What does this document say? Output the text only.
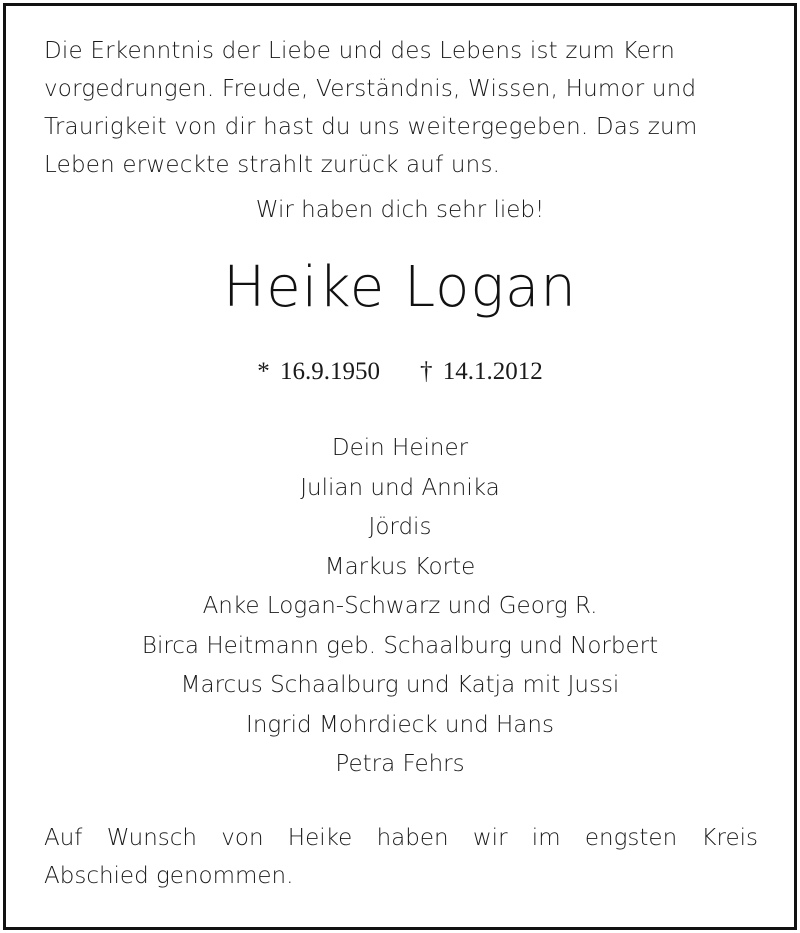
Die Erkenntnis der Liebe und des Lebens ist zum Kern
vorgedrungen. Freude, Verständnis, Wissen, Humor und
Traurigkeit von dir hast du uns weitergegeben. Das zum
Leben erweckte strahlt zurück auf uns.
Wir haben dich sehr lieb!
Heike Logan
* 16.9.1950 † 14.1.2012
Dein Heiner
Julian und Annika
Jördis
Markus Korte
Anke Logan-Schwarz und Georg R.
Birca Heitmann geb. Schaalburg und Norbert
Marcus Schaalburg und Katja mit Jussi
Ingrid Mohrdieck und Hans
Petra Fehrs
Auf Wunsch von Heike haben wir im engsten Kreis
Abschied genommen.
